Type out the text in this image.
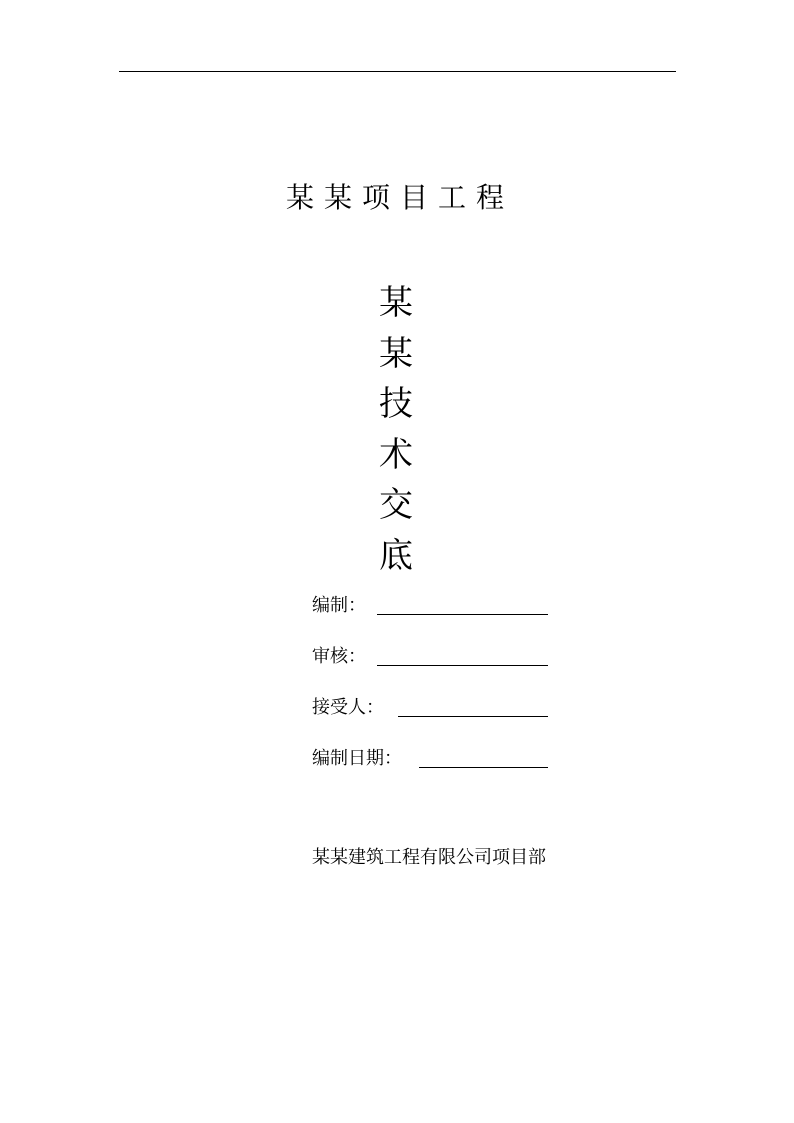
某某项目工程
某
某
技
术
交
底
编制：
审核：
接受人：
编制日期：
某某建筑工程有限公司项目部
